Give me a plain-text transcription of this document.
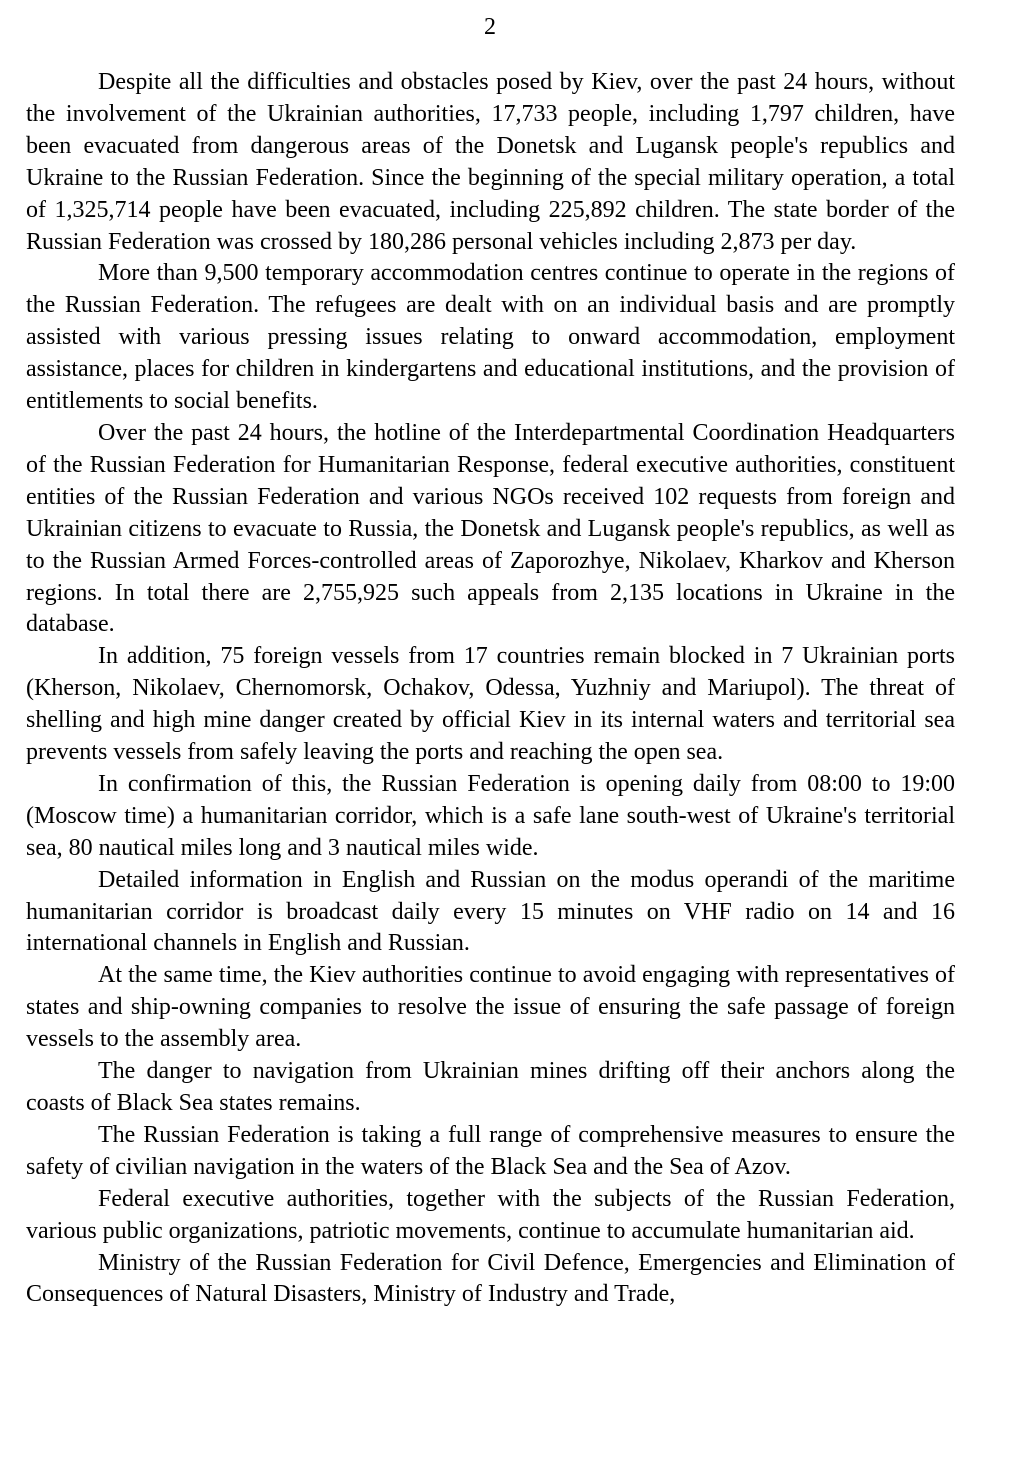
2

Despite all the difficulties and obstacles posed by Kiev, over the past 24 hours, without the involvement of the Ukrainian authorities, 17,733 people, including 1,797 children, have been evacuated from dangerous areas of the Donetsk and Lugansk people's republics and Ukraine to the Russian Federation. Since the beginning of the special military operation, a total of 1,325,714 people have been evacuated, including 225,892 children. The state border of the Russian Federation was crossed by 180,286 personal vehicles including 2,873 per day.

More than 9,500 temporary accommodation centres continue to operate in the regions of the Russian Federation. The refugees are dealt with on an individual basis and are promptly assisted with various pressing issues relating to onward accommodation, employment assistance, places for children in kindergartens and educational institutions, and the provision of entitlements to social benefits.

Over the past 24 hours, the hotline of the Interdepartmental Coordination Headquarters of the Russian Federation for Humanitarian Response, federal executive authorities, constituent entities of the Russian Federation and various NGOs received 102 requests from foreign and Ukrainian citizens to evacuate to Russia, the Donetsk and Lugansk people's republics, as well as to the Russian Armed Forces-controlled areas of Zaporozhye, Nikolaev, Kharkov and Kherson regions. In total there are 2,755,925 such appeals from 2,135 locations in Ukraine in the database.

In addition, 75 foreign vessels from 17 countries remain blocked in 7 Ukrainian ports (Kherson, Nikolaev, Chernomorsk, Ochakov, Odessa, Yuzhniy and Mariupol). The threat of shelling and high mine danger created by official Kiev in its internal waters and territorial sea prevents vessels from safely leaving the ports and reaching the open sea.

In confirmation of this, the Russian Federation is opening daily from 08:00 to 19:00 (Moscow time) a humanitarian corridor, which is a safe lane south-west of Ukraine's territorial sea, 80 nautical miles long and 3 nautical miles wide.

Detailed information in English and Russian on the modus operandi of the maritime humanitarian corridor is broadcast daily every 15 minutes on VHF radio on 14 and 16 international channels in English and Russian.

At the same time, the Kiev authorities continue to avoid engaging with representatives of states and ship-owning companies to resolve the issue of ensuring the safe passage of foreign vessels to the assembly area.

The danger to navigation from Ukrainian mines drifting off their anchors along the coasts of Black Sea states remains.

The Russian Federation is taking a full range of comprehensive measures to ensure the safety of civilian navigation in the waters of the Black Sea and the Sea of Azov.

Federal executive authorities, together with the subjects of the Russian Federation, various public organizations, patriotic movements, continue to accumulate humanitarian aid.

Ministry of the Russian Federation for Civil Defence, Emergencies and Elimination of Consequences of Natural Disasters, Ministry of Industry and Trade,
